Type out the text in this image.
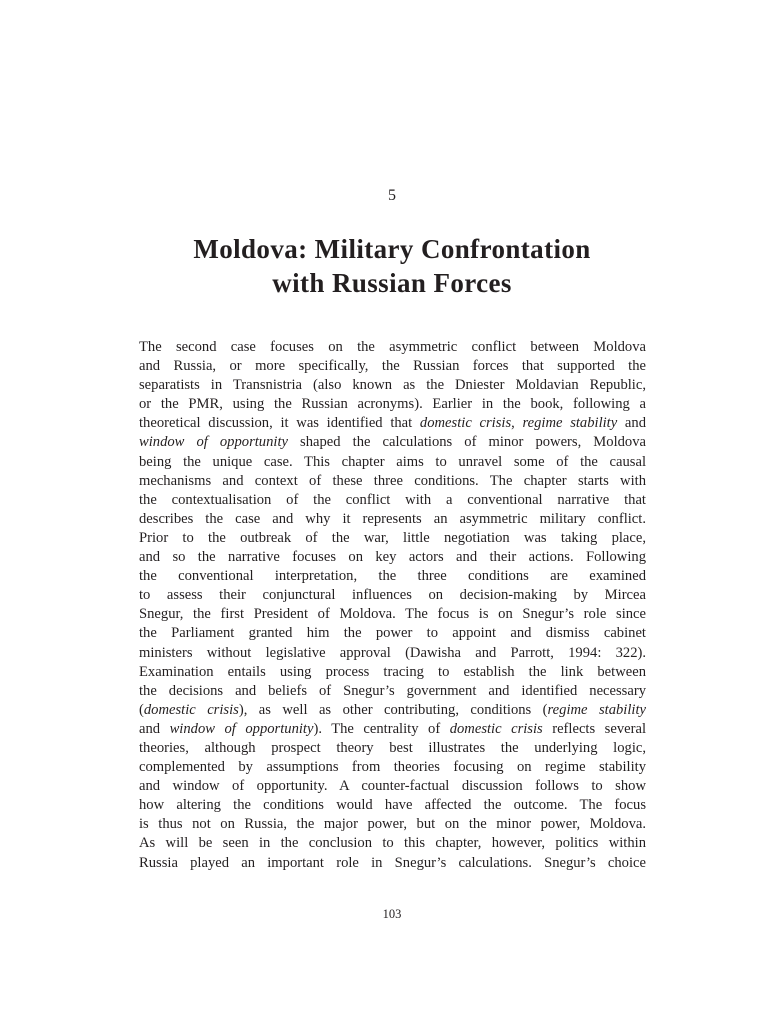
5
Moldova: Military Confrontation
with Russian Forces

The second case focuses on the asymmetric conflict between Moldova
and Russia, or more specifically, the Russian forces that supported the
separatists in Transnistria (also known as the Dniester Moldavian Republic,
or the PMR, using the Russian acronyms). Earlier in the book, following a
theoretical discussion, it was identified that domestic crisis, regime stability and
window of opportunity shaped the calculations of minor powers, Moldova
being the unique case. This chapter aims to unravel some of the causal
mechanisms and context of these three conditions. The chapter starts with
the contextualisation of the conflict with a conventional narrative that
describes the case and why it represents an asymmetric military conflict.
Prior to the outbreak of the war, little negotiation was taking place,
and so the narrative focuses on key actors and their actions. Following
the conventional interpretation, the three conditions are examined
to assess their conjunctural influences on decision-making by Mircea
Snegur, the first President of Moldova. The focus is on Snegur’s role since
the Parliament granted him the power to appoint and dismiss cabinet
ministers without legislative approval (Dawisha and Parrott, 1994: 322).
Examination entails using process tracing to establish the link between
the decisions and beliefs of Snegur’s government and identified necessary
(domestic crisis), as well as other contributing, conditions (regime stability
and window of opportunity). The centrality of domestic crisis reflects several
theories, although prospect theory best illustrates the underlying logic,
complemented by assumptions from theories focusing on regime stability
and window of opportunity. A counter-factual discussion follows to show
how altering the conditions would have affected the outcome. The focus
is thus not on Russia, the major power, but on the minor power, Moldova.
As will be seen in the conclusion to this chapter, however, politics within
Russia played an important role in Snegur’s calculations. Snegur’s choice

103
